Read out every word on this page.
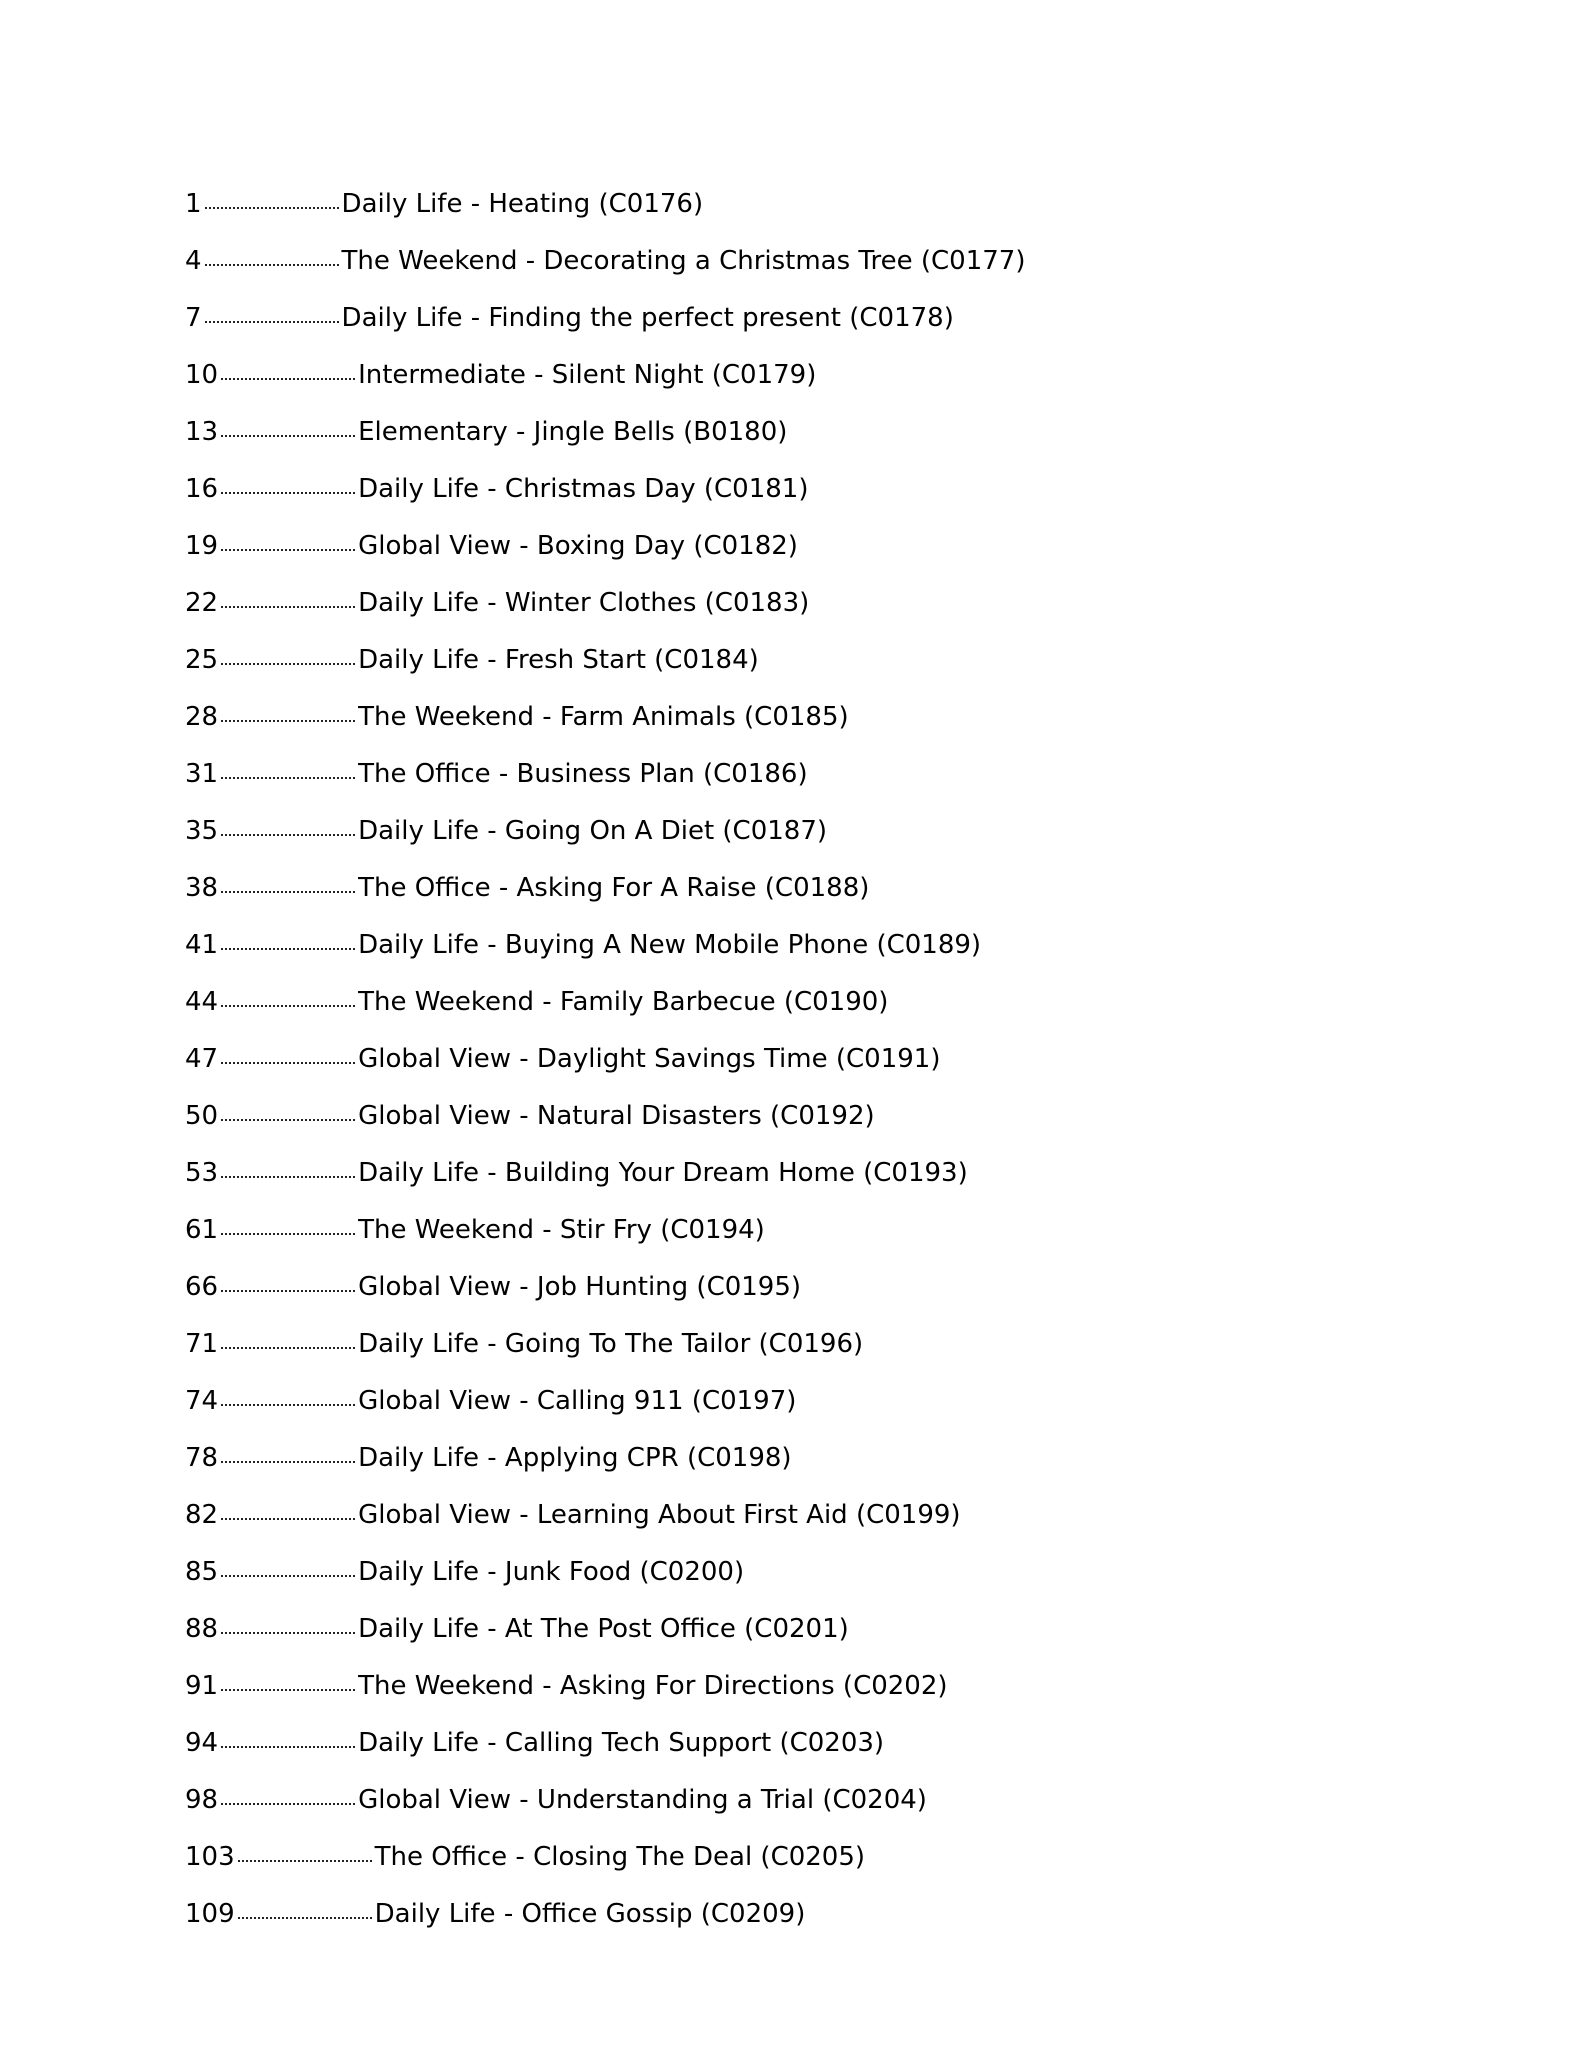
1	Daily Life - Heating (C0176)
4	The Weekend - Decorating a Christmas Tree (C0177)
7	Daily Life - Finding the perfect present (C0178)
10	Intermediate - Silent Night (C0179)
13	Elementary - Jingle Bells (B0180)
16	Daily Life - Christmas Day (C0181)
19	Global View - Boxing Day (C0182)
22	Daily Life - Winter Clothes (C0183)
25	Daily Life - Fresh Start (C0184)
28	The Weekend - Farm Animals (C0185)
31	The Office - Business Plan (C0186)
35	Daily Life - Going On A Diet (C0187)
38	The Office - Asking For A Raise (C0188)
41	Daily Life - Buying A New Mobile Phone (C0189)
44	The Weekend - Family Barbecue (C0190)
47	Global View - Daylight Savings Time (C0191)
50	Global View - Natural Disasters (C0192)
53	Daily Life - Building Your Dream Home (C0193)
61	The Weekend - Stir Fry (C0194)
66	Global View - Job Hunting (C0195)
71	Daily Life - Going To The Tailor (C0196)
74	Global View - Calling 911 (C0197)
78	Daily Life - Applying CPR (C0198)
82	Global View - Learning About First Aid (C0199)
85	Daily Life - Junk Food (C0200)
88	Daily Life - At The Post Office (C0201)
91	The Weekend - Asking For Directions (C0202)
94	Daily Life - Calling Tech Support (C0203)
98	Global View - Understanding a Trial (C0204)
103	The Office - Closing The Deal (C0205)
109	Daily Life - Office Gossip (C0209)
